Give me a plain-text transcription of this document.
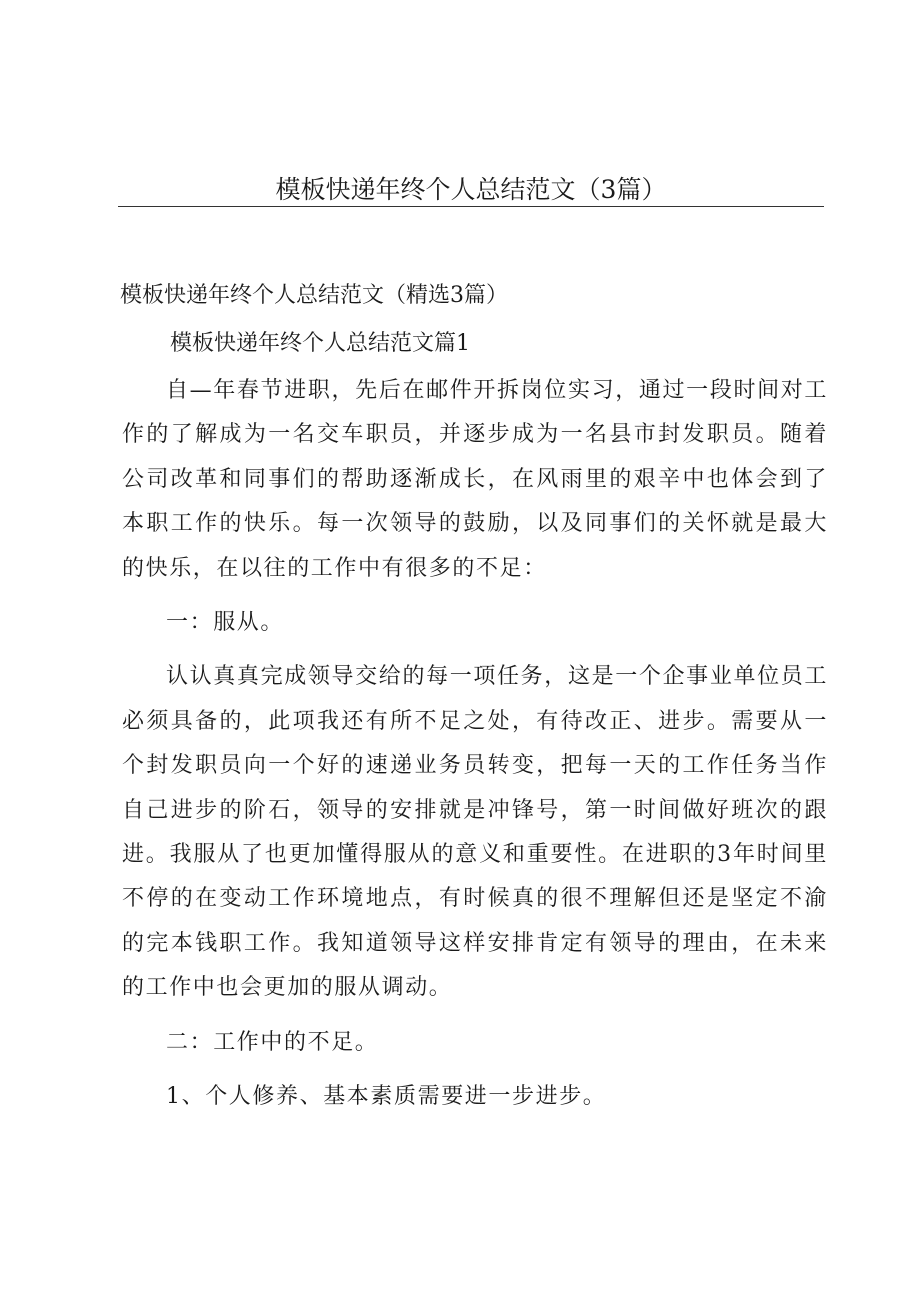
模板快递年终个人总结范文（3篇）

模板快递年终个人总结范文（精选3篇）

模板快递年终个人总结范文篇1

自—年春节进职，先后在邮件开拆岗位实习，通过一段时间对工作的了解成为一名交车职员，并逐步成为一名县市封发职员。随着公司改革和同事们的帮助逐渐成长，在风雨里的艰辛中也体会到了本职工作的快乐。每一次领导的鼓励，以及同事们的关怀就是最大的快乐，在以往的工作中有很多的不足：

一：服从。

认认真真完成领导交给的每一项任务，这是一个企事业单位员工必须具备的，此项我还有所不足之处，有待改正、进步。需要从一个封发职员向一个好的速递业务员转变，把每一天的工作任务当作自己进步的阶石，领导的安排就是冲锋号，第一时间做好班次的跟进。我服从了也更加懂得服从的意义和重要性。在进职的3年时间里不停的在变动工作环境地点，有时候真的很不理解但还是坚定不渝的完本钱职工作。我知道领导这样安排肯定有领导的理由，在未来的工作中也会更加的服从调动。

二：工作中的不足。

1、个人修养、基本素质需要进一步进步。
